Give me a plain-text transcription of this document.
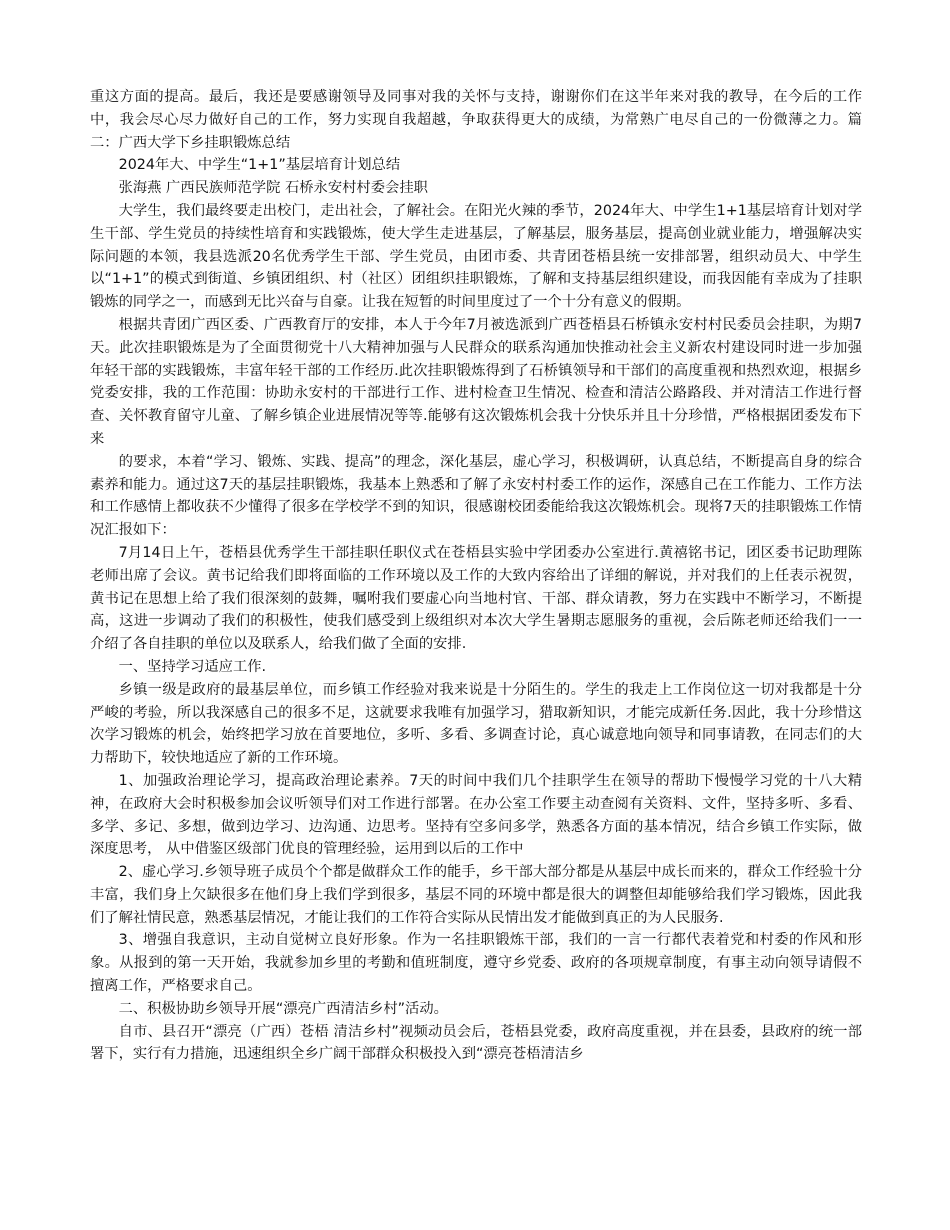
重这方面的提高。最后，我还是要感谢领导及同事对我的关怀与支持，谢谢你们在这半年来对我的教导，在今后的工作中，我会尽心尽力做好自己的工作，努力实现自我超越，争取获得更大的成绩，为常熟广电尽自己的一份微薄之力。篇二：广西大学下乡挂职锻炼总结

2024年大、中学生“1+1”基层培育计划总结

张海燕 广西民族师范学院 石桥永安村村委会挂职

大学生，我们最终要走出校门，走出社会，了解社会。在阳光火辣的季节，2024年大、中学生1+1基层培育计划对学生干部、学生党员的持续性培育和实践锻炼，使大学生走进基层，了解基层，服务基层，提高创业就业能力，增强解决实际问题的本领，我县选派20名优秀学生干部、学生党员，由团市委、共青团苍梧县统一安排部署，组织动员大、中学生以“1+1”的模式到街道、乡镇团组织、村（社区）团组织挂职锻炼，了解和支持基层组织建设，而我因能有幸成为了挂职锻炼的同学之一，而感到无比兴奋与自豪。让我在短暂的时间里度过了一个十分有意义的假期。

根据共青团广西区委、广西教育厅的安排，本人于今年7月被选派到广西苍梧县石桥镇永安村村民委员会挂职，为期7天。此次挂职锻炼是为了全面贯彻党十八大精神加强与人民群众的联系沟通加快推动社会主义新农村建设同时进一步加强年轻干部的实践锻炼，丰富年轻干部的工作经历.此次挂职锻炼得到了石桥镇领导和干部们的高度重视和热烈欢迎，根据乡党委安排，我的工作范围：协助永安村的干部进行工作、进村检查卫生情况、检查和清洁公路路段、并对清洁工作进行督查、关怀教育留守儿童、了解乡镇企业进展情况等等.能够有这次锻炼机会我十分快乐并且十分珍惜，严格根据团委发布下来

的要求，本着“学习、锻炼、实践、提高”的理念，深化基层，虚心学习，积极调研，认真总结，不断提高自身的综合素养和能力。通过这7天的基层挂职锻炼，我基本上熟悉和了解了永安村村委工作的运作，深感自己在工作能力、工作方法和工作感情上都收获不少懂得了很多在学校学不到的知识，很感谢校团委能给我这次锻炼机会。现将7天的挂职锻炼工作情况汇报如下：

7月14日上午，苍梧县优秀学生干部挂职任职仪式在苍梧县实验中学团委办公室进行.黄禧铭书记，团区委书记助理陈老师出席了会议。黄书记给我们即将面临的工作环境以及工作的大致内容给出了详细的解说，并对我们的上任表示祝贺，黄书记在思想上给了我们很深刻的鼓舞，嘱咐我们要虚心向当地村官、干部、群众请教，努力在实践中不断学习，不断提高，这进一步调动了我们的积极性，使我们感受到上级组织对本次大学生暑期志愿服务的重视，会后陈老师还给我们一一介绍了各自挂职的单位以及联系人，给我们做了全面的安排.

一、坚持学习适应工作.

乡镇一级是政府的最基层单位，而乡镇工作经验对我来说是十分陌生的。学生的我走上工作岗位这一切对我都是十分严峻的考验，所以我深感自己的很多不足，这就要求我唯有加强学习，猎取新知识，才能完成新任务.因此，我十分珍惜这次学习锻炼的机会，始终把学习放在首要地位，多听、多看、多调查讨论，真心诚意地向领导和同事请教，在同志们的大力帮助下，较快地适应了新的工作环境。

1、加强政治理论学习，提高政治理论素养。7天的时间中我们几个挂职学生在领导的帮助下慢慢学习党的十八大精神，在政府大会时积极参加会议听领导们对工作进行部署。在办公室工作要主动查阅有关资料、文件，坚持多听、多看、多学、多记、多想，做到边学习、边沟通、边思考。坚持有空多问多学，熟悉各方面的基本情况，结合乡镇工作实际，做深度思考， 从中借鉴区级部门优良的管理经验，运用到以后的工作中

2、虚心学习.乡领导班子成员个个都是做群众工作的能手，乡干部大部分都是从基层中成长而来的，群众工作经验十分丰富，我们身上欠缺很多在他们身上我们学到很多，基层不同的环境中都是很大的调整但却能够给我们学习锻炼，因此我们了解社情民意，熟悉基层情况，才能让我们的工作符合实际从民情出发才能做到真正的为人民服务.

3、增强自我意识，主动自觉树立良好形象。作为一名挂职锻炼干部，我们的一言一行都代表着党和村委的作风和形象。从报到的第一天开始，我就参加乡里的考勤和值班制度，遵守乡党委、政府的各项规章制度，有事主动向领导请假不擅离工作，严格要求自己。

二、积极协助乡领导开展“漂亮广西清洁乡村”活动。

自市、县召开“漂亮（广西）苍梧 清洁乡村”视频动员会后，苍梧县党委，政府高度重视，并在县委，县政府的统一部署下，实行有力措施，迅速组织全乡广阔干部群众积极投入到“漂亮苍梧清洁乡
